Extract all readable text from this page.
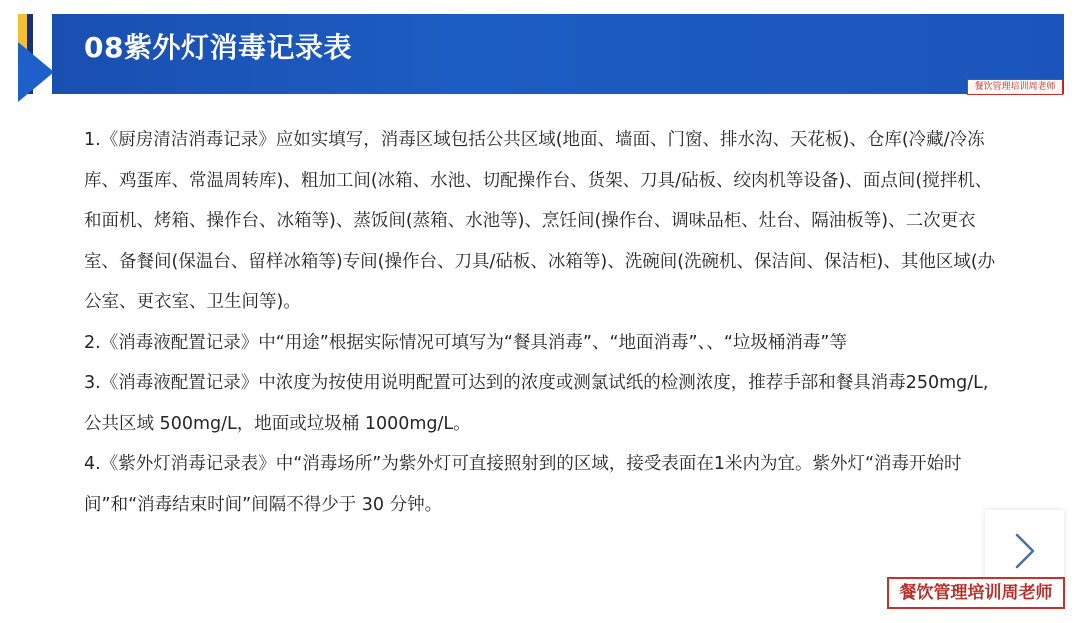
08紫外灯消毒记录表
餐饮管理培训周老师

1.《厨房清洁消毒记录》应如实填写，消毒区域包括公共区域(地面、墙面、门窗、排水沟、天花板)、仓库(冷藏/冷冻库、鸡蛋库、常温周转库)、粗加工间(冰箱、水池、切配操作台、货架、刀具/砧板、绞肉机等设备)、面点间(搅拌机、和面机、烤箱、操作台、冰箱等)、蒸饭间(蒸箱、水池等)、烹饪间(操作台、调味品柜、灶台、隔油板等)、二次更衣室、备餐间(保温台、留样冰箱等)专间(操作台、刀具/砧板、冰箱等)、洗碗间(洗碗机、保洁间、保洁柜)、其他区域(办公室、更衣室、卫生间等)。

2.《消毒液配置记录》中“用途”根据实际情况可填写为“餐具消毒”、“地面消毒”、、“垃圾桶消毒”等

3.《消毒液配置记录》中浓度为按使用说明配置可达到的浓度或测氯试纸的检测浓度，推荐手部和餐具消毒250mg/L,公共区域 500mg/L，地面或垃圾桶 1000mg/L。

4.《紫外灯消毒记录表》中“消毒场所”为紫外灯可直接照射到的区域，接受表面在1米内为宜。紫外灯“消毒开始时间”和“消毒结束时间”间隔不得少于 30 分钟。

餐饮管理培训周老师
